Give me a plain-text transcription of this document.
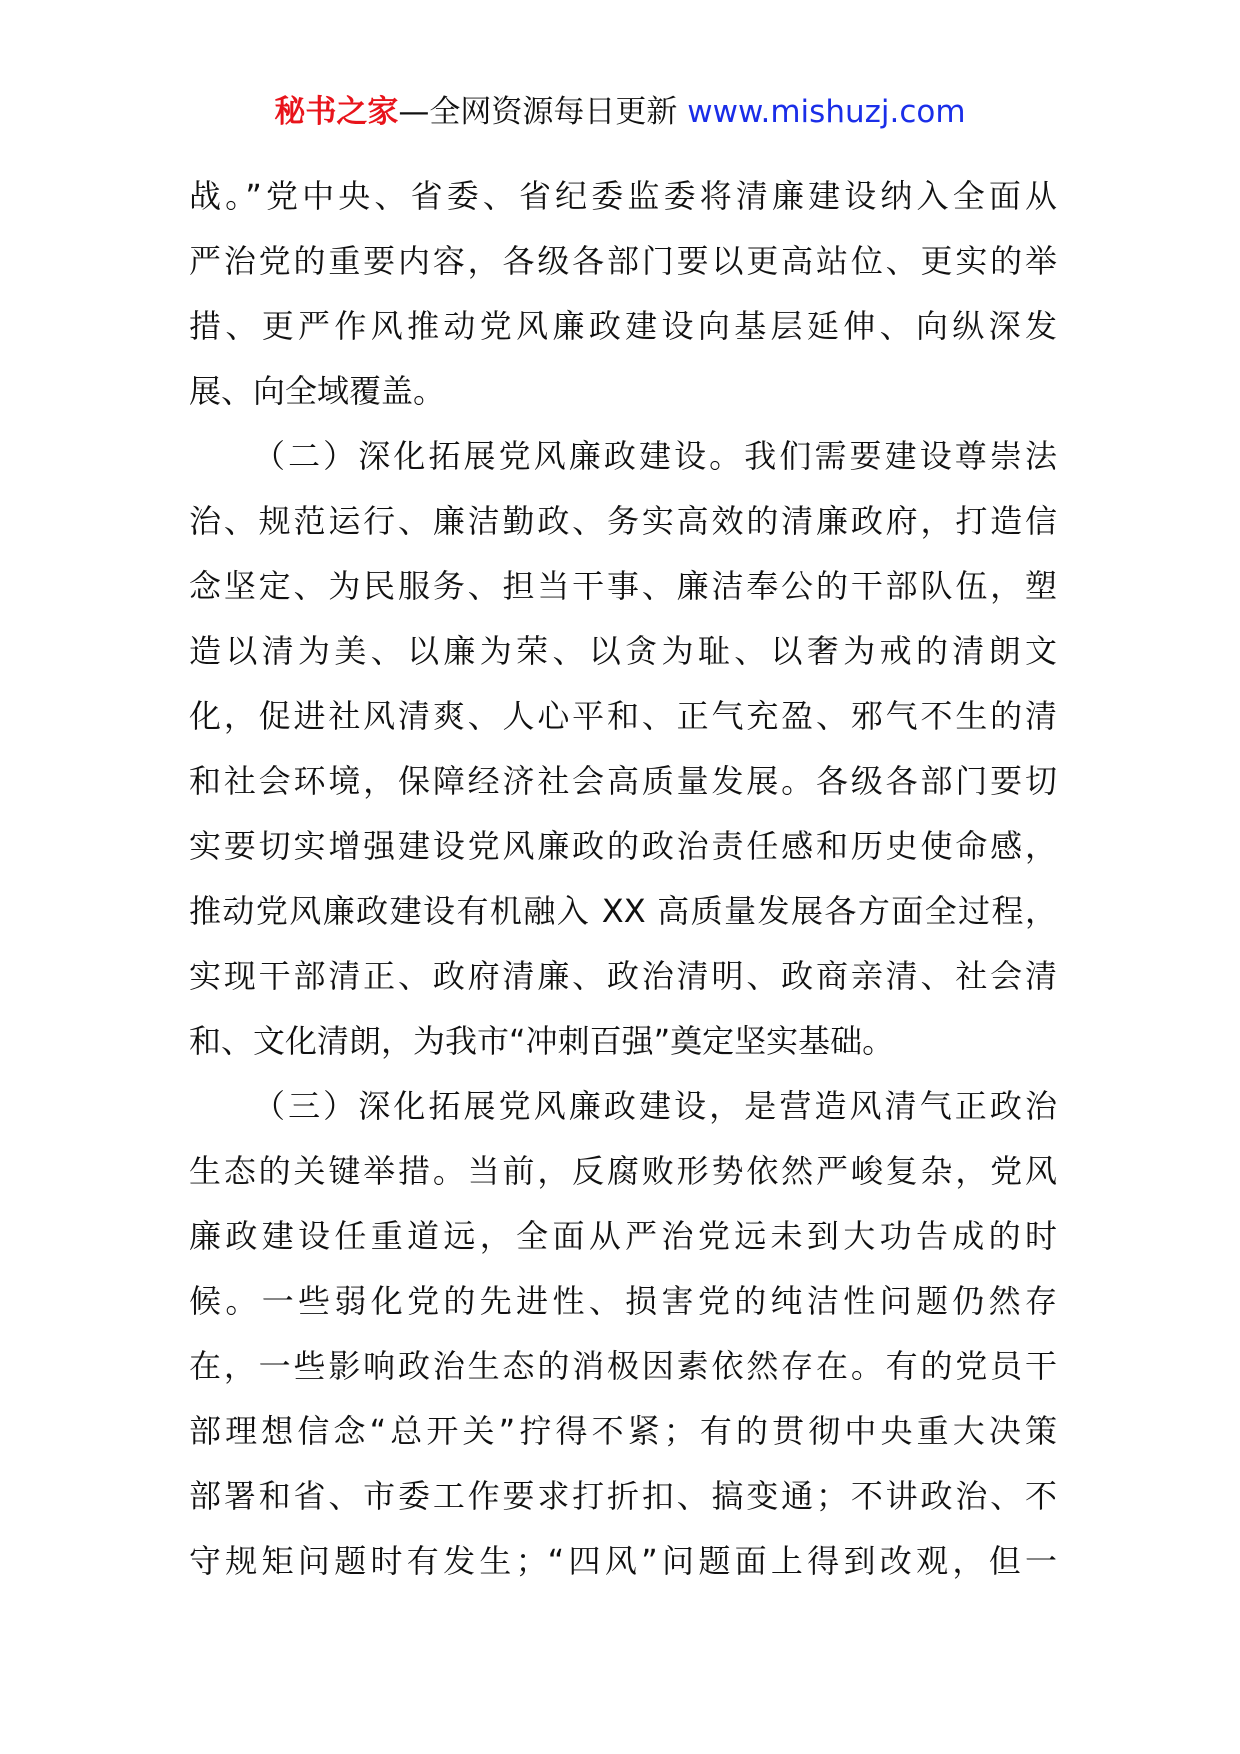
秘书之家—全网资源每日更新 www.mishuzj.com
战。”党中央、省委、省纪委监委将清廉建设纳入全面从
严治党的重要内容，各级各部门要以更高站位、更实的举
措、更严作风推动党风廉政建设向基层延伸、向纵深发
展、向全域覆盖。
（二）深化拓展党风廉政建设。我们需要建设尊崇法
治、规范运行、廉洁勤政、务实高效的清廉政府，打造信
念坚定、为民服务、担当干事、廉洁奉公的干部队伍，塑
造以清为美、以廉为荣、以贪为耻、以奢为戒的清朗文
化，促进社风清爽、人心平和、正气充盈、邪气不生的清
和社会环境，保障经济社会高质量发展。各级各部门要切
实要切实增强建设党风廉政的政治责任感和历史使命感，
推动党风廉政建设有机融入 XX 高质量发展各方面全过程，
实现干部清正、政府清廉、政治清明、政商亲清、社会清
和、文化清朗，为我市“冲刺百强”奠定坚实基础。
（三）深化拓展党风廉政建设，是营造风清气正政治
生态的关键举措。当前，反腐败形势依然严峻复杂，党风
廉政建设任重道远，全面从严治党远未到大功告成的时
候。一些弱化党的先进性、损害党的纯洁性问题仍然存
在，一些影响政治生态的消极因素依然存在。有的党员干
部理想信念“总开关”拧得不紧；有的贯彻中央重大决策
部署和省、市委工作要求打折扣、搞变通；不讲政治、不
守规矩问题时有发生；“四风”问题面上得到改观，但一
